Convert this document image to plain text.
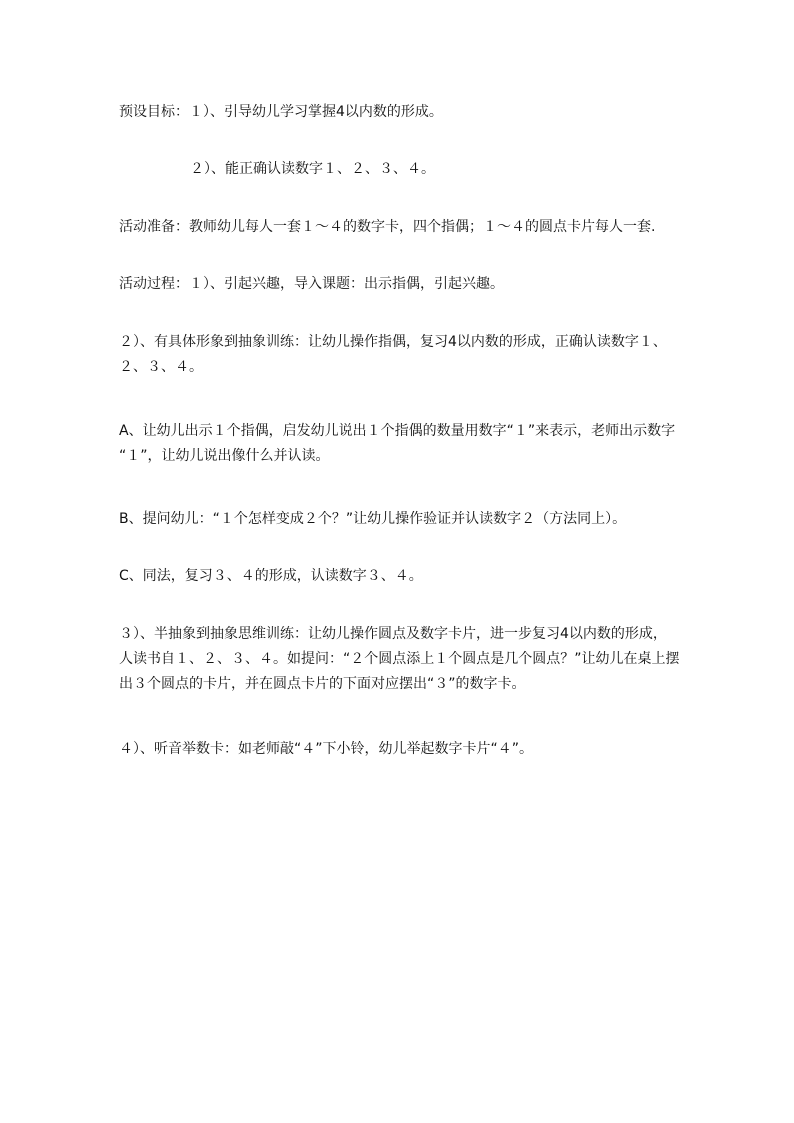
预设目标：１）、引导幼儿学习掌握4以内数的形成。
２）、能正确认读数字１、２、３、４。
活动准备：教师幼儿每人一套１～４的数字卡，四个指偶；１～４的圆点卡片每人一套.
活动过程：１）、引起兴趣，导入课题：出示指偶，引起兴趣。
２）、有具体形象到抽象训练：让幼儿操作指偶，复习4以内数的形成，正确认读数字１、
２、３、４。
A、让幼儿出示１个指偶，启发幼儿说出１个指偶的数量用数字“１”来表示，老师出示数字
“１”，让幼儿说出像什么并认读。
B、提问幼儿：“１个怎样变成２个？”让幼儿操作验证并认读数字２（方法同上）。
C、同法，复习３、４的形成，认读数字３、４。
３）、半抽象到抽象思维训练：让幼儿操作圆点及数字卡片，进一步复习4以内数的形成，
人读书自１、２、３、４。如提问：“２个圆点添上１个圆点是几个圆点？”让幼儿在桌上摆
出３个圆点的卡片，并在圆点卡片的下面对应摆出“３”的数字卡。
４）、听音举数卡：如老师敲“４”下小铃，幼儿举起数字卡片“４”。
